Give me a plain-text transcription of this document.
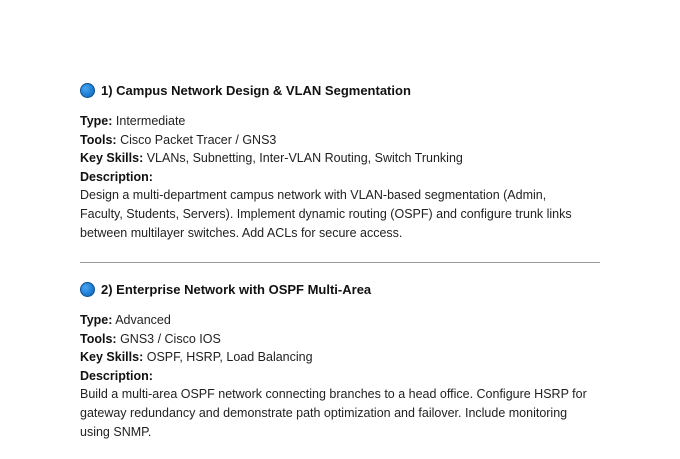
1) Campus Network Design & VLAN Segmentation
Type: Intermediate
Tools: Cisco Packet Tracer / GNS3
Key Skills: VLANs, Subnetting, Inter-VLAN Routing, Switch Trunking
Description:
Design a multi-department campus network with VLAN-based segmentation (Admin,
Faculty, Students, Servers). Implement dynamic routing (OSPF) and configure trunk links
between multilayer switches. Add ACLs for secure access.
2) Enterprise Network with OSPF Multi-Area
Type: Advanced
Tools: GNS3 / Cisco IOS
Key Skills: OSPF, HSRP, Load Balancing
Description:
Build a multi-area OSPF network connecting branches to a head office. Configure HSRP for
gateway redundancy and demonstrate path optimization and failover. Include monitoring
using SNMP.
